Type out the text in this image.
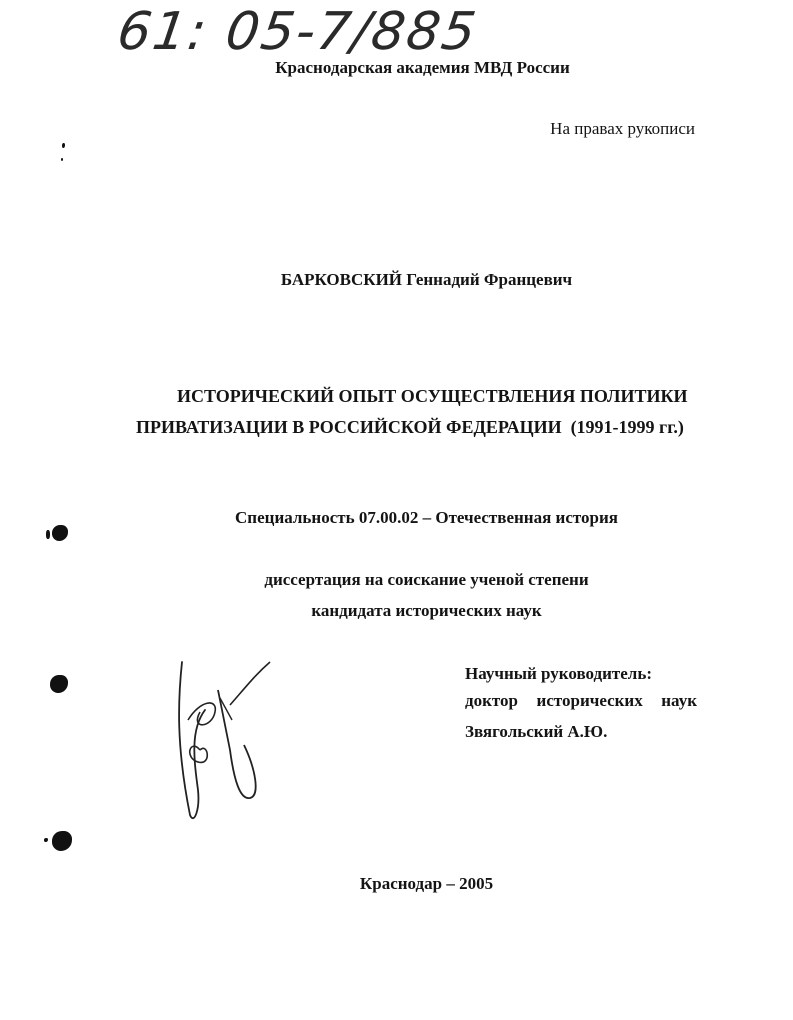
61: 05-7/885
Краснодарская академия МВД России
На правах рукописи
БАРКОВСКИЙ Геннадий Францевич
ИСТОРИЧЕСКИЙ ОПЫТ ОСУЩЕСТВЛЕНИЯ ПОЛИТИКИ
ПРИВАТИЗАЦИИ В РОССИЙСКОЙ ФЕДЕРАЦИИ  (1991-1999 гг.)
Специальность 07.00.02 – Отечественная история
диссертация на соискание ученой степени
кандидата исторических наук
Научный руководитель:
доктор исторических наук
Звягольский А.Ю.
Краснодар – 2005
